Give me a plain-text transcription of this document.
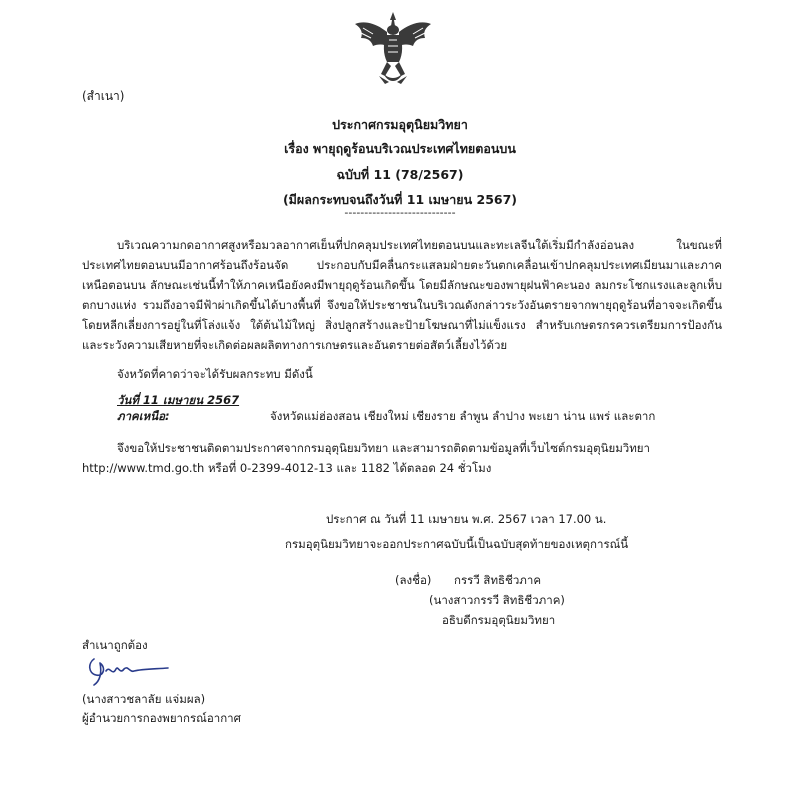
(สำเนา)
ประกาศกรมอุตุนิยมวิทยา
เรื่อง พายุฤดูร้อนบริเวณประเทศไทยตอนบน
ฉบับที่ 11 (78/2567)
(มีผลกระทบจนถึงวันที่ 11 เมษายน 2567)
----------------------------

บริเวณความกดอากาศสูงหรือมวลอากาศเย็นที่ปกคลุมประเทศไทยตอนบนและทะเลจีนใต้เริ่มมีกำลังอ่อนลง ในขณะที่ประเทศไทยตอนบนมีอากาศร้อนถึงร้อนจัด ประกอบกับมีคลื่นกระแสลมฝ่ายตะวันตกเคลื่อนเข้าปกคลุมประเทศเมียนมาและภาคเหนือตอนบน ลักษณะเช่นนี้ทำให้ภาคเหนือยังคงมีพายุฤดูร้อนเกิดขึ้น โดยมีลักษณะของพายุฝนฟ้าคะนอง ลมกระโชกแรงและลูกเห็บตกบางแห่ง รวมถึงอาจมีฟ้าผ่าเกิดขึ้นได้บางพื้นที่ จึงขอให้ประชาชนในบริเวณดังกล่าวระวังอันตรายจากพายุฤดูร้อนที่อาจจะเกิดขึ้น โดยหลีกเลี่ยงการอยู่ในที่โล่งแจ้ง ใต้ต้นไม้ใหญ่ สิ่งปลูกสร้างและป้ายโฆษณาที่ไม่แข็งแรง สำหรับเกษตรกรควรเตรียมการป้องกันและระวังความเสียหายที่จะเกิดต่อผลผลิตทางการเกษตรและอันตรายต่อสัตว์เลี้ยงไว้ด้วย

จังหวัดที่คาดว่าจะได้รับผลกระทบ มีดังนี้
วันที่ 11 เมษายน 2567
ภาคเหนือ:	จังหวัดแม่ฮ่องสอน เชียงใหม่ เชียงราย ลำพูน ลำปาง พะเยา น่าน แพร่ และตาก
จึงขอให้ประชาชนติดตามประกาศจากกรมอุตุนิยมวิทยา และสามารถติดตามข้อมูลที่เว็บไซต์กรมอุตุนิยมวิทยา
http://www.tmd.go.th หรือที่ 0-2399-4012-13 และ 1182 ได้ตลอด 24 ชั่วโมง
ประกาศ ณ วันที่ 11 เมษายน พ.ศ. 2567 เวลา 17.00 น.
กรมอุตุนิยมวิทยาจะออกประกาศฉบับนี้เป็นฉบับสุดท้ายของเหตุการณ์นี้
(ลงชื่อ) กรรวี สิทธิชีวภาค
(นางสาวกรรวี สิทธิชีวภาค)
อธิบดีกรมอุตุนิยมวิทยา
สำเนาถูกต้อง
(นางสาวชลาลัย แจ่มผล)
ผู้อำนวยการกองพยากรณ์อากาศ
